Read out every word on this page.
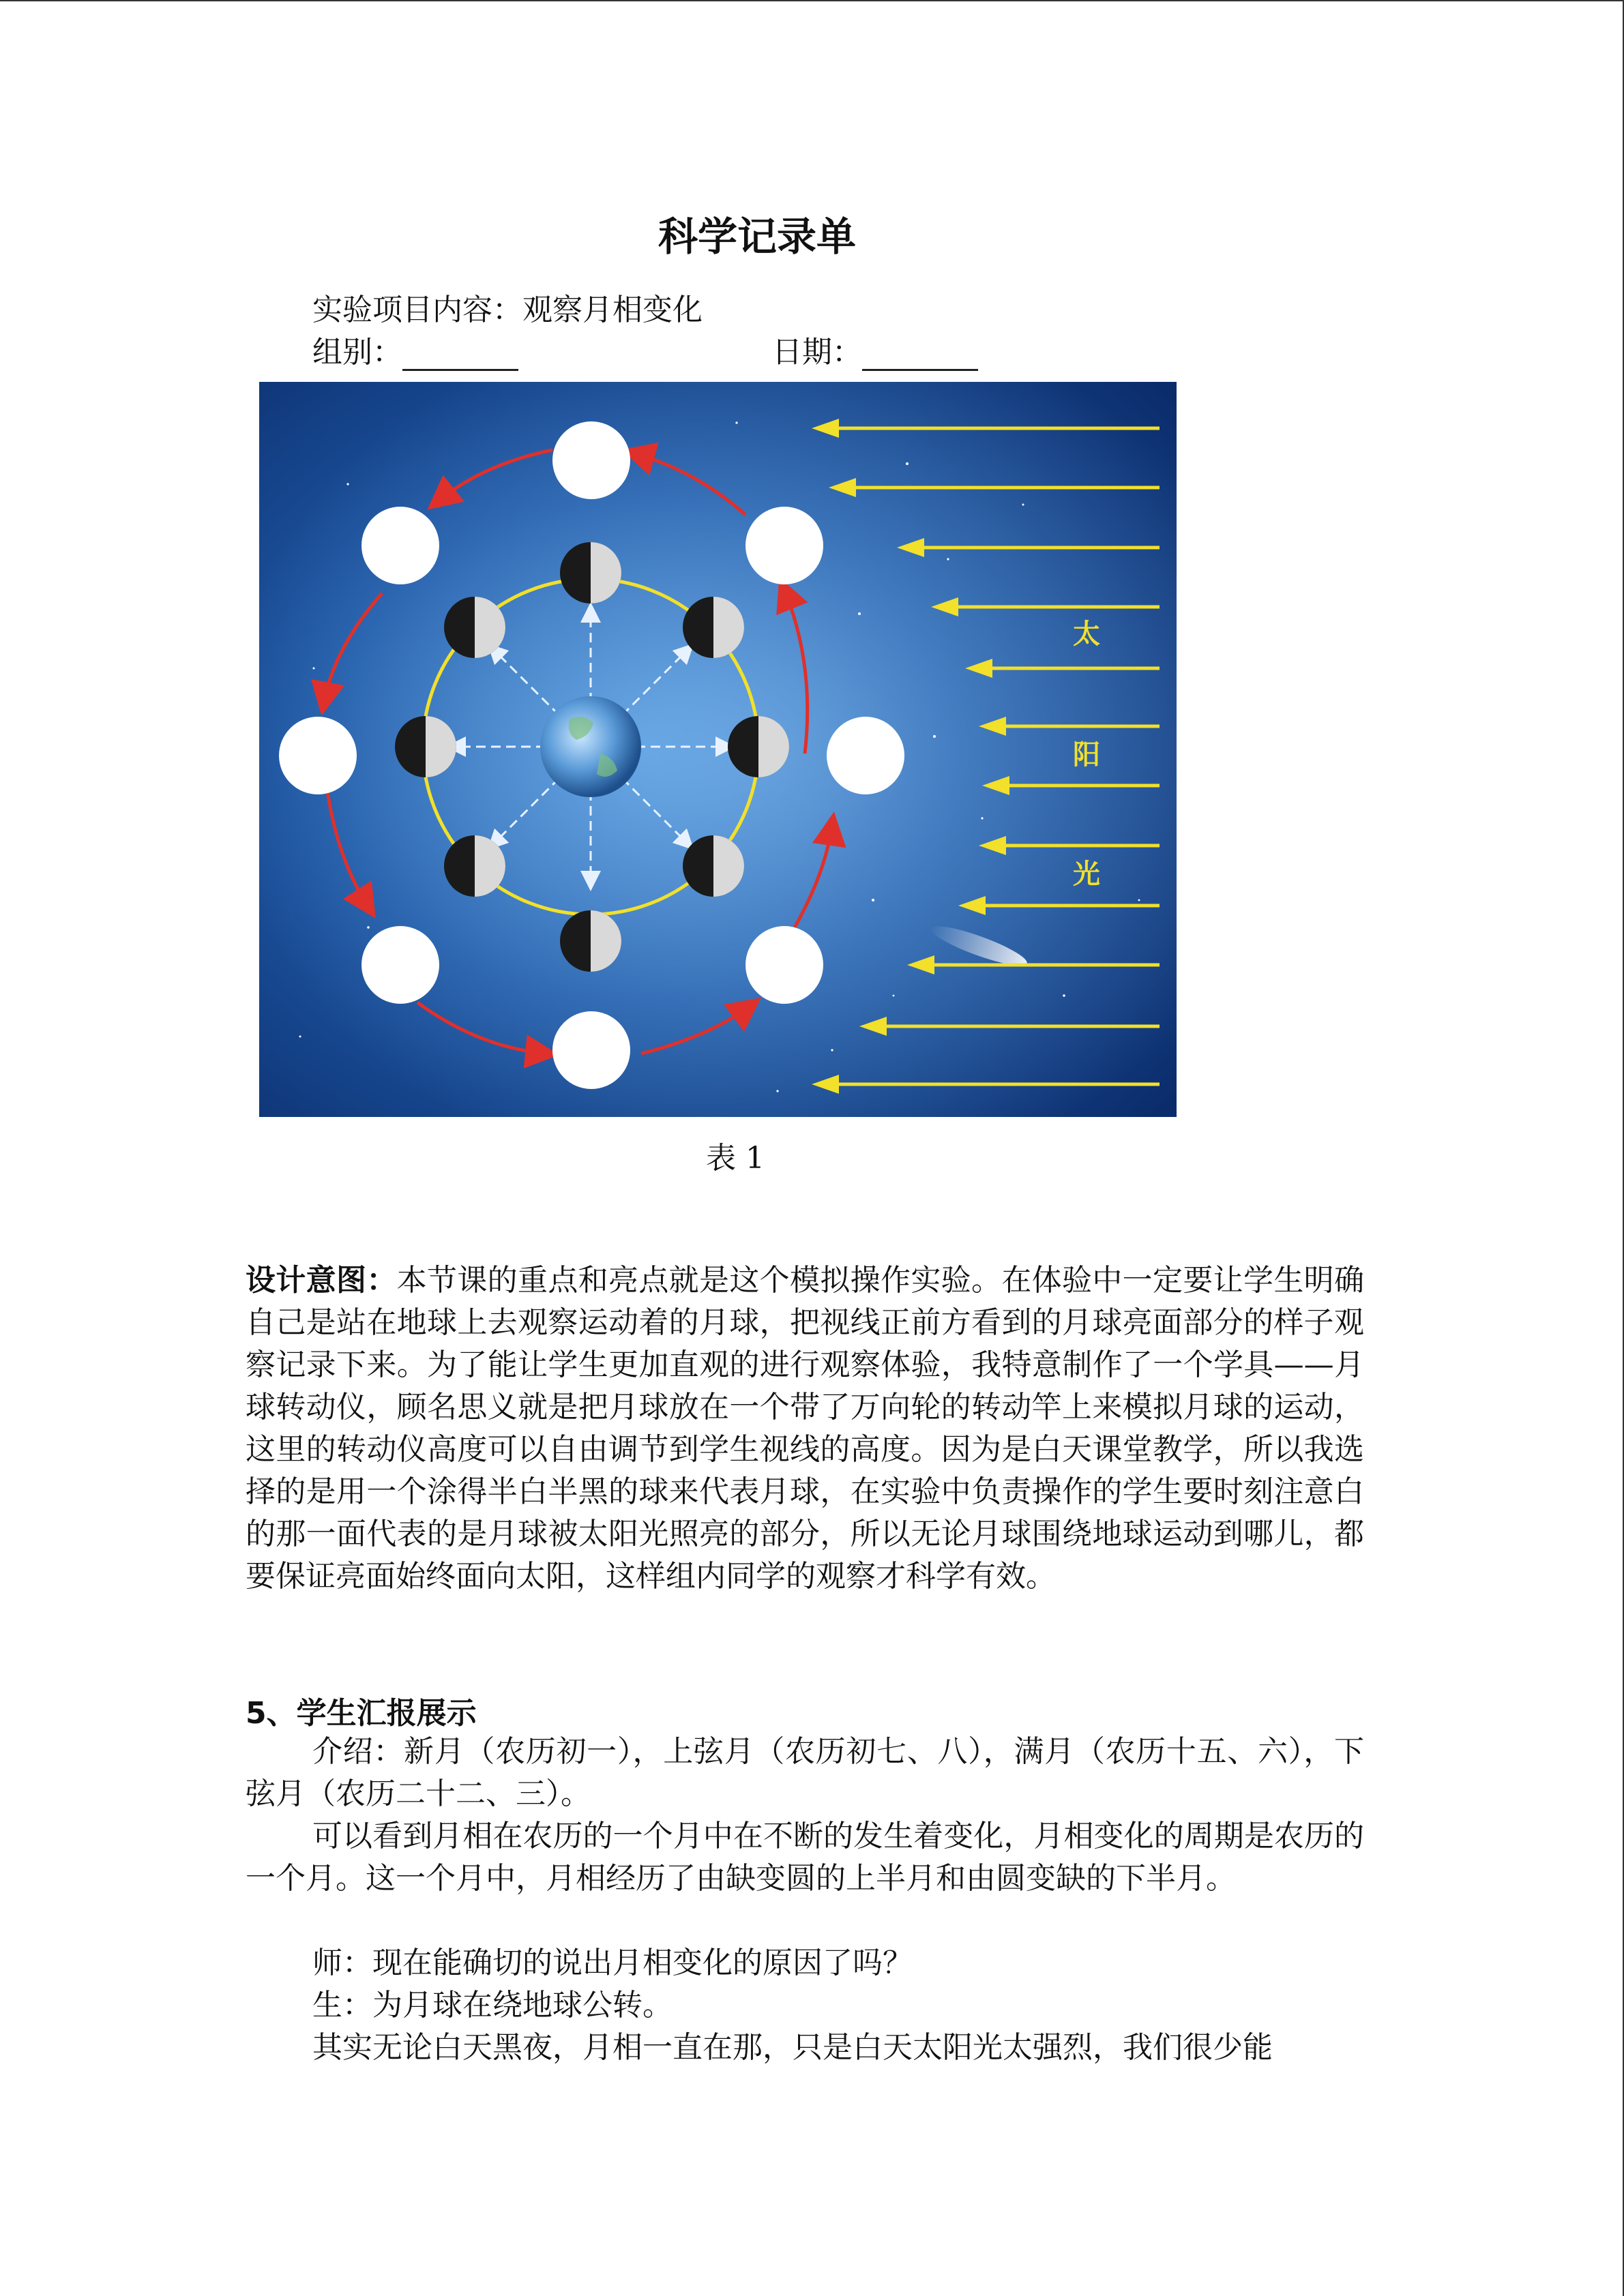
科学记录单
实验项目内容：观察月相变化
组别：	日期：
太
阳
光
表 1
设计意图：本节课的重点和亮点就是这个模拟操作实验。在体验中一定要让学生明确自己是站在地球上去观察运动着的月球，把视线正前方看到的月球亮面部分的样子观察记录下来。为了能让学生更加直观的进行观察体验，我特意制作了一个学具——月球转动仪，顾名思义就是把月球放在一个带了万向轮的转动竿上来模拟月球的运动，这里的转动仪高度可以自由调节到学生视线的高度。因为是白天课堂教学，所以我选择的是用一个涂得半白半黑的球来代表月球，在实验中负责操作的学生要时刻注意白的那一面代表的是月球被太阳光照亮的部分，所以无论月球围绕地球运动到哪儿，都要保证亮面始终面向太阳，这样组内同学的观察才科学有效。
5、学生汇报展示
介绍：新月（农历初一），上弦月（农历初七、八），满月（农历十五、六），下弦月（农历二十二、三）。
可以看到月相在农历的一个月中在不断的发生着变化，月相变化的周期是农历的一个月。这一个月中，月相经历了由缺变圆的上半月和由圆变缺的下半月。
师：现在能确切的说出月相变化的原因了吗？
生：为月球在绕地球公转。
其实无论白天黑夜，月相一直在那，只是白天太阳光太强烈，我们很少能
